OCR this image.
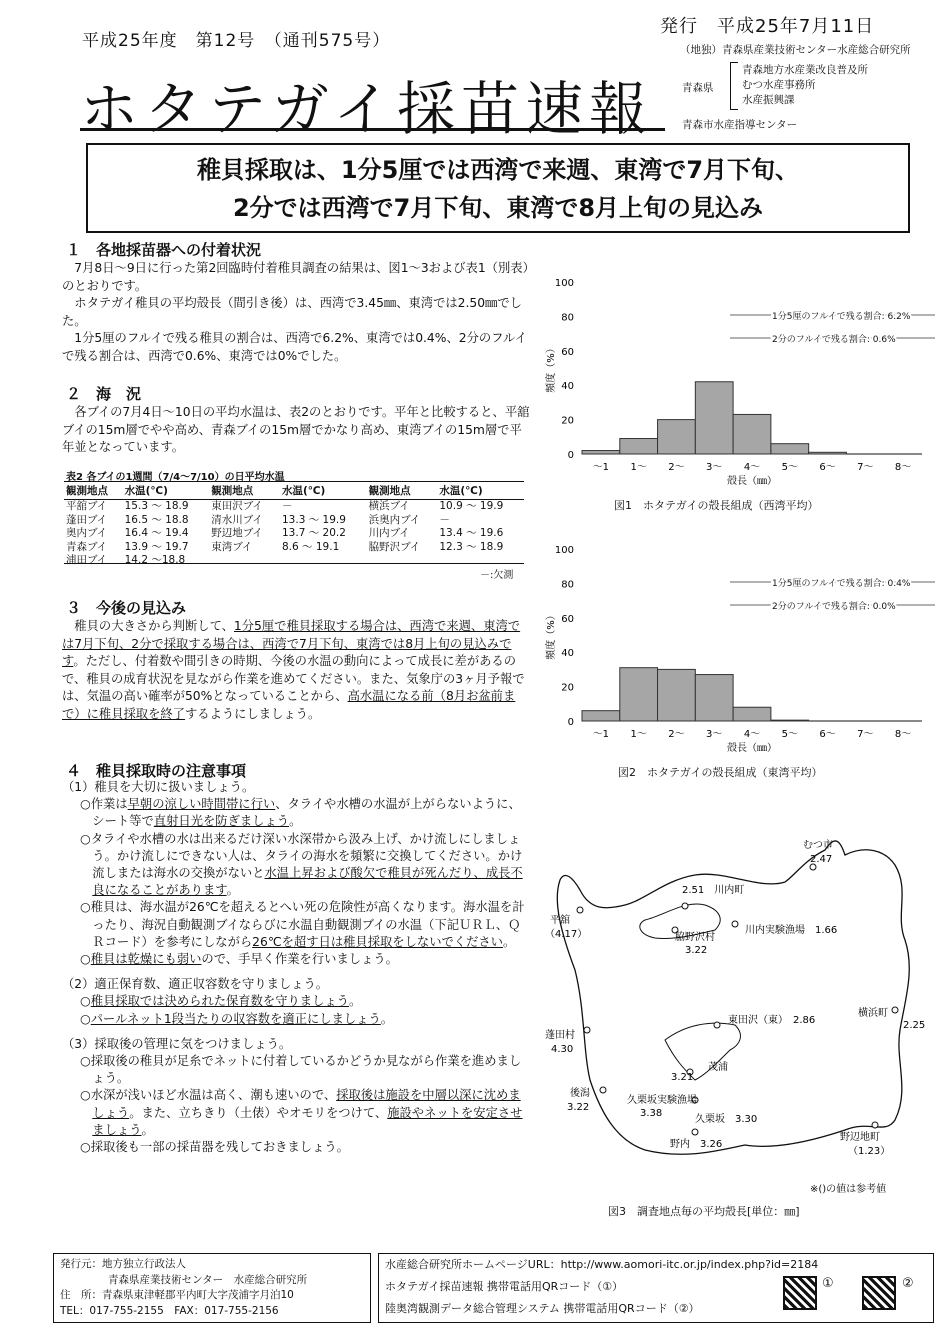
平成25年度　第12号　（通刊575号）
発行　平成25年7月11日
ホタテガイ採苗速報
（地独）青森県産業技術センター水産総合研究所
青森県
青森地方水産業改良普及所
むつ水産事務所
水産振興課
青森市水産指導センター
稚貝採取は、1分5厘では西湾で来週、東湾で7月下旬、
2分では西湾で7月下旬、東湾で8月上旬の見込み
１　各地採苗器への付着状況

7月8日～9日に行った第2回臨時付着稚貝調査の結果は、図1～3および表1（別表）のとおりです。

ホタテガイ稚貝の平均殻長（間引き後）は、西湾で3.45㎜、東湾では2.50㎜でした。

1分5厘のフルイで残る稚貝の割合は、西湾で6.2%、東湾では0.4%、2分のフルイで残る割合は、西湾で0.6%、東湾では0%でした。

２　海　況

各ブイの7月4日～10日の平均水温は、表2のとおりです。平年と比較すると、平舘ブイの15m層でやや高め、青森ブイの15m層でかなり高め、東湾ブイの15m層で平年並となっています。

表2 各ブイの1週間（7/4～7/10）の日平均水温
観測地点	水温(℃)	観測地点	水温(℃)	観測地点	水温(℃)
平舘ブイ	15.3 ～ 18.9	東田沢ブイ	－	横浜ブイ	10.9 ～ 19.9
蓬田ブイ	16.5 ～ 18.8	清水川ブイ	13.3 ～ 19.9	浜奥内ブイ	－
奥内ブイ	16.4 ～ 19.4	野辺地ブイ	13.7 ～ 20.2	川内ブイ	13.4 ～ 19.6
青森ブイ	13.9 ～ 19.7	東湾ブイ	8.6 ～ 19.1	脇野沢ブイ	12.3 ～ 18.9
浦田ブイ	14.2 ～18.8				
－:欠測
３　今後の見込み

稚貝の大きさから判断して、1分5厘で稚貝採取する場合は、西湾で来週、東湾では7月下旬、2分で採取する場合は、西湾で7月下旬、東湾では8月上旬の見込みです。ただし、付着数や間引きの時期、今後の水温の動向によって成長に差があるので、稚貝の成育状況を見ながら作業を進めてください。また、気象庁の3ヶ月予報では、気温の高い確率が50%となっていることから、高水温になる前（8月お盆前まで）に稚貝採取を終了するようにしましょう。

４　稚貝採取時の注意事項
（1）稚貝を大切に扱いましょう。
○作業は早朝の涼しい時間帯に行い、タライや水槽の水温が上がらないように、シート等で直射日光を防ぎましょう。
○タライや水槽の水は出来るだけ深い水深帯から汲み上げ、かけ流しにしましょう。かけ流しにできない人は、タライの海水を頻繁に交換してください。かけ流しまたは海水の交換がないと水温上昇および酸欠で稚貝が死んだり、成長不良になることがあります。
○稚貝は、海水温が26℃を超えるとへい死の危険性が高くなります。海水温を計ったり、海況自動観測ブイならびに水温自動観測ブイの水温（下記ＵＲＬ、ＱＲコード）を参考にしながら26℃を超す日は稚貝採取をしないでください。
○稚貝は乾燥にも弱いので、手早く作業を行いましょう。
（2）適正保育数、適正収容数を守りましょう。
○稚貝採取では決められた保育数を守りましょう。
○パールネット1段当たりの収容数を適正にしましょう。
（3）採取後の管理に気をつけましょう。
○採取後の稚貝が足糸でネットに付着しているかどうか見ながら作業を進めましょう。
○水深が浅いほど水温は高く、潮も速いので、採取後は施設を中層以深に沈めましょう。また、立ちきり（土俵）やオモリをつけて、施設やネットを安定させましょう。
○採取後も一部の採苗器を残しておきましょう。
100
80
60
40
20
0
～1 1～ 2～ 3～ 4～ 5～ 6～ 7～ 8～
殻長（㎜）
頻度（%）
1分5厘のフルイで残る割合: 6.2%
2分のフルイで残る割合: 0.6%
図1　ホタテガイの殻長組成（西湾平均）
100
80
60
40
20
0
～1 1～ 2～ 3～ 4～ 5～ 6～ 7～ 8～
殻長（㎜）
頻度（%）
1分5厘のフルイで残る割合: 0.4%
2分のフルイで残る割合: 0.0%
図2　ホタテガイの殻長組成（東湾平均）
むつ市
2.47
2.51　川内町
川内実験漁場　1.66
脇野沢村
3.22
平舘
（4.17）
横浜町
2.25
東田沢（東）　2.86
蓬田村
4.30
3.21
茂浦
後潟
3.22
久栗坂実験漁場
3.38
久栗坂　3.30
野内　3.26
野辺地町
（1.23）
※()の値は参考値
図3　調査地点毎の平均殻長[単位：㎜]
発行元：地方独立行政法人
青森県産業技術センター　水産総合研究所
住　所：青森県東津軽郡平内町大字茂浦字月泊10
TEL：017-755-2155　FAX：017-755-2156
水産総合研究所ホームページURL：http://www.aomori-itc.or.jp/index.php?id=2184
ホタテガイ採苗速報 携帯電話用QRコード（①）
陸奥湾観測データ総合管理システム 携帯電話用QRコード（②）
①	②
